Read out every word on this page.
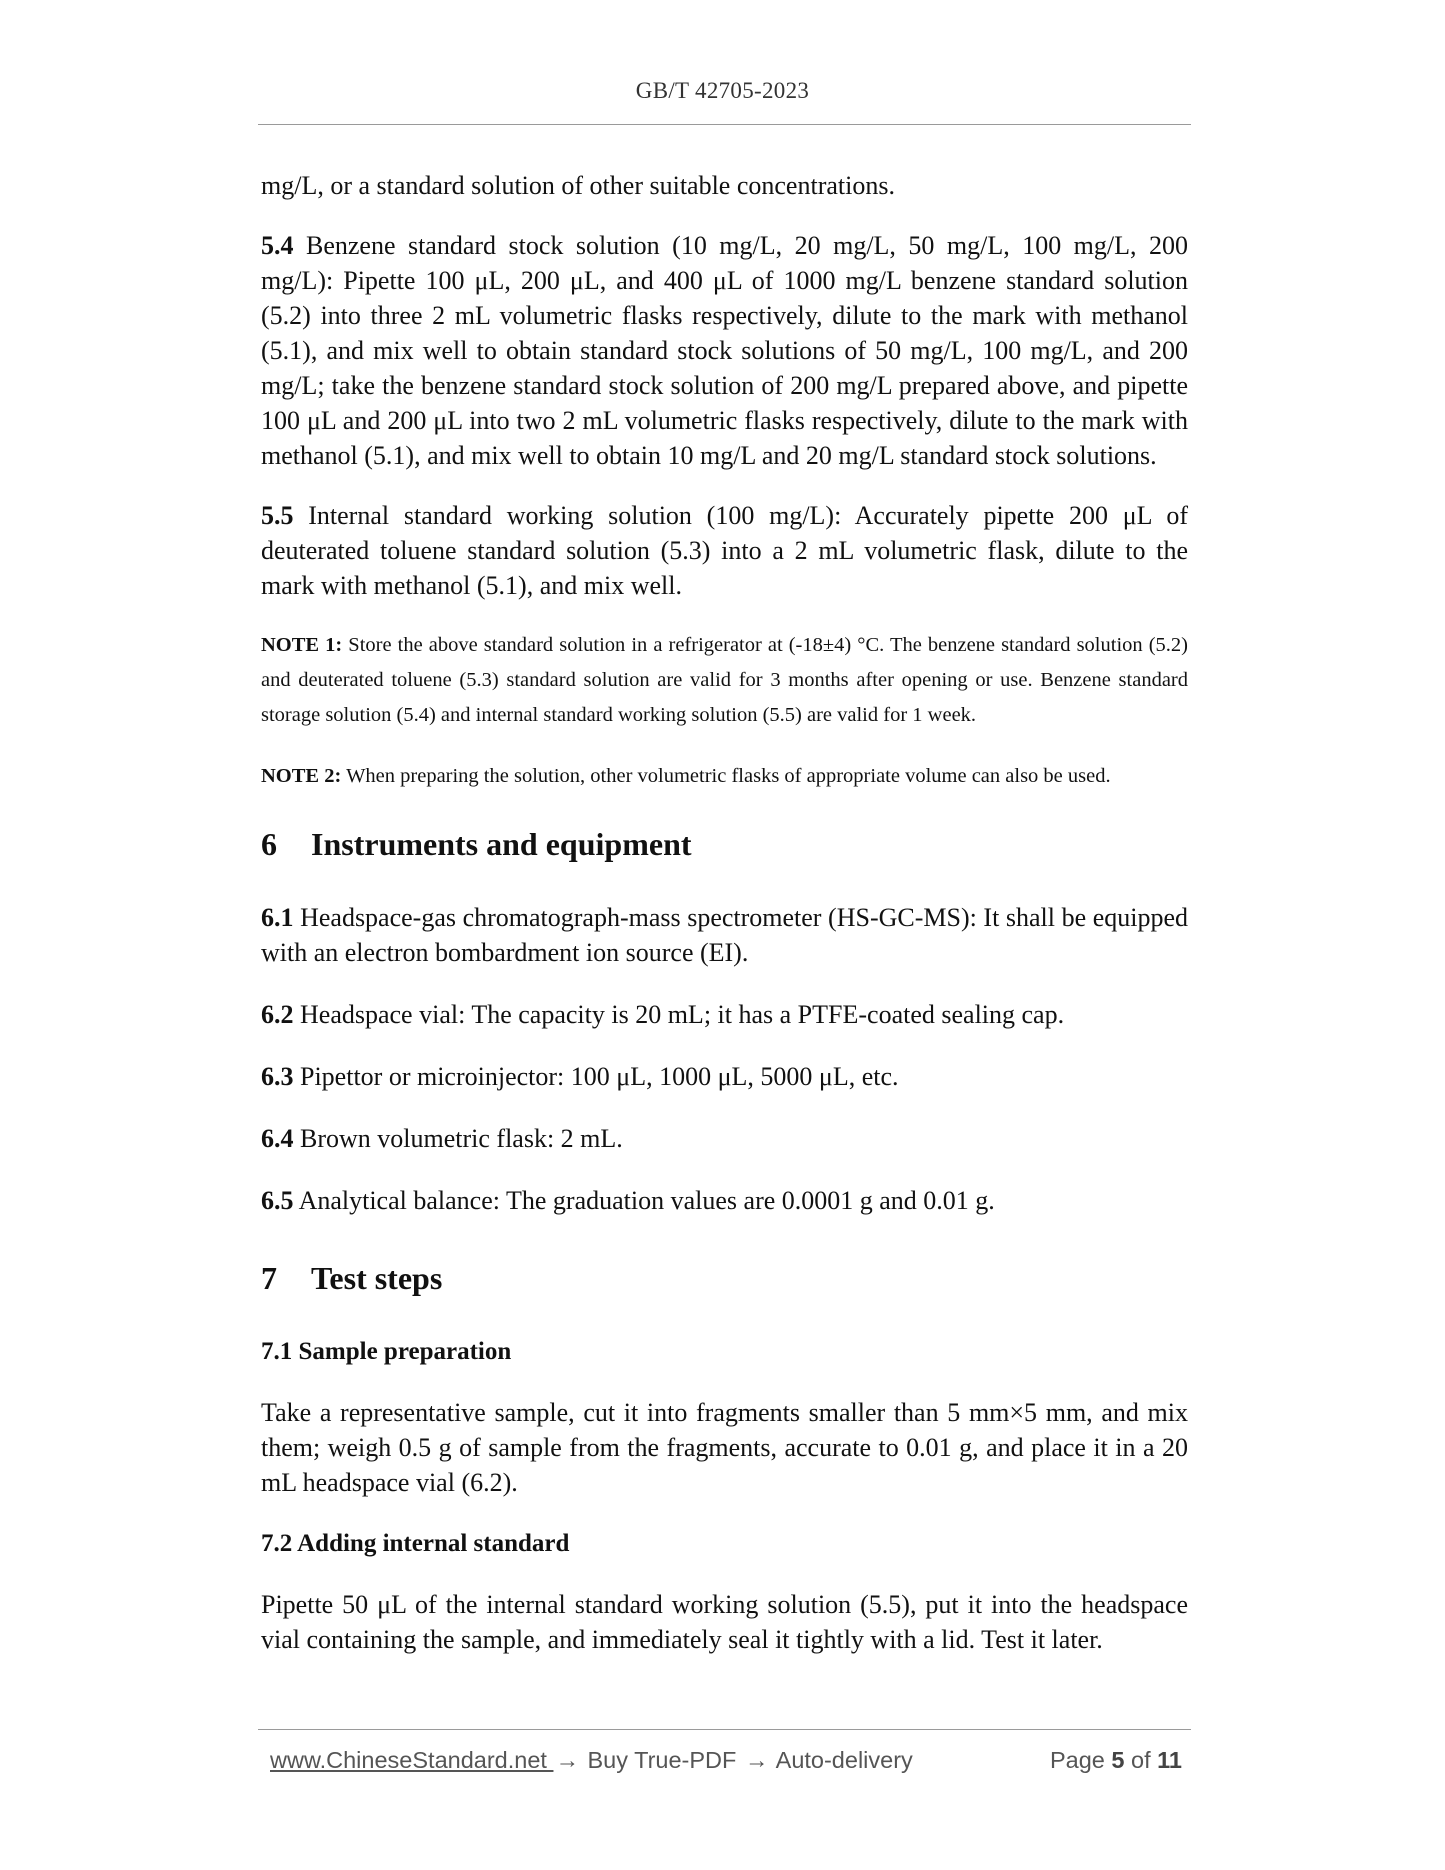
GB/T 42705-2023

mg/L, or a standard solution of other suitable concentrations.

5.4 Benzene standard stock solution (10 mg/L, 20 mg/L, 50 mg/L, 100 mg/L, 200 mg/L): Pipette 100 μL, 200 μL, and 400 μL of 1000 mg/L benzene standard solution (5.2) into three 2 mL volumetric flasks respectively, dilute to the mark with methanol (5.1), and mix well to obtain standard stock solutions of 50 mg/L, 100 mg/L, and 200 mg/L; take the benzene standard stock solution of 200 mg/L prepared above, and pipette 100 μL and 200 μL into two 2 mL volumetric flasks respectively, dilute to the mark with methanol (5.1), and mix well to obtain 10 mg/L and 20 mg/L standard stock solutions.

5.5 Internal standard working solution (100 mg/L): Accurately pipette 200 μL of deuterated toluene standard solution (5.3) into a 2 mL volumetric flask, dilute to the mark with methanol (5.1), and mix well.

NOTE 1: Store the above standard solution in a refrigerator at (-18±4) °C. The benzene standard solution (5.2) and deuterated toluene (5.3) standard solution are valid for 3 months after opening or use. Benzene standard storage solution (5.4) and internal standard working solution (5.5) are valid for 1 week.

NOTE 2: When preparing the solution, other volumetric flasks of appropriate volume can also be used.

6	Instruments and equipment

6.1 Headspace-gas chromatograph-mass spectrometer (HS-GC-MS): It shall be equipped with an electron bombardment ion source (EI).

6.2 Headspace vial: The capacity is 20 mL; it has a PTFE-coated sealing cap.

6.3 Pipettor or microinjector: 100 μL, 1000 μL, 5000 μL, etc.

6.4 Brown volumetric flask: 2 mL.

6.5 Analytical balance: The graduation values are 0.0001 g and 0.01 g.

7	Test steps

7.1 Sample preparation

Take a representative sample, cut it into fragments smaller than 5 mm×5 mm, and mix them; weigh 0.5 g of sample from the fragments, accurate to 0.01 g, and place it in a 20 mL headspace vial (6.2).

7.2 Adding internal standard

Pipette 50 μL of the internal standard working solution (5.5), put it into the headspace vial containing the sample, and immediately seal it tightly with a lid. Test it later.

www.ChineseStandard.net → Buy True-PDF → Auto-delivery	Page 5 of 11
